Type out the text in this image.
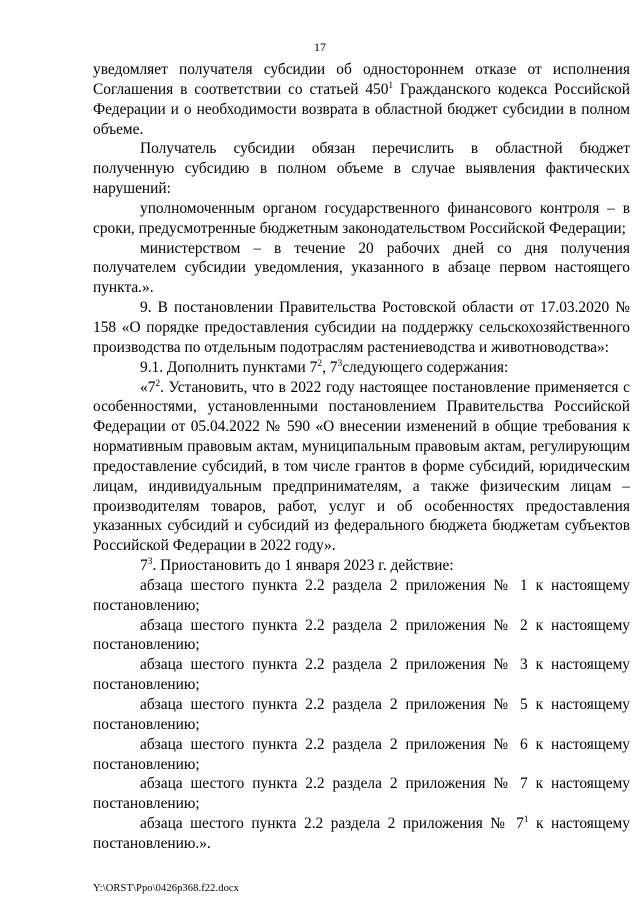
17

уведомляет получателя субсидии об одностороннем отказе от исполнения Соглашения в соответствии со статьей $450^1$ Гражданского кодекса Российской Федерации и о необходимости возврата в областной бюджет субсидии в полном объеме.

Получатель субсидии обязан перечислить в областной бюджет полученную субсидию в полном объеме в случае выявления фактических нарушений:

уполномоченным органом государственного финансового контроля – в сроки, предусмотренные бюджетным законодательством Российской Федерации;

министерством – в течение 20 рабочих дней со дня получения получателем субсидии уведомления, указанного в абзаце первом настоящего пункта.».

9. В постановлении Правительства Ростовской области от 17.03.2020 № 158 «О порядке предоставления субсидии на поддержку сельскохозяйственного производства по отдельным подотраслям растениеводства и животноводства»:

9.1. Дополнить пунктами $7^2$, $7^3следующего$ содержания:

«$7^2$. Установить, что в 2022 году настоящее постановление применяется с особенностями, установленными постановлением Правительства Российской Федерации от 05.04.2022 № 590 «О внесении изменений в общие требования к нормативным правовым актам, муниципальным правовым актам, регулирующим предоставление субсидий, в том числе грантов в форме субсидий, юридическим лицам, индивидуальным предпринимателям, а также физическим лицам – производителям товаров, работ, услуг и об особенностях предоставления указанных субсидий и субсидий из федерального бюджета бюджетам субъектов Российской Федерации в 2022 году».

$7^3$. Приостановить до 1 января 2023 г. действие:

абзаца шестого пункта 2.2 раздела 2 приложения № 1 к настоящему постановлению;

абзаца шестого пункта 2.2 раздела 2 приложения № 2 к настоящему постановлению;

абзаца шестого пункта 2.2 раздела 2 приложения № 3 к настоящему постановлению;

абзаца шестого пункта 2.2 раздела 2 приложения № 5 к настоящему постановлению;

абзаца шестого пункта 2.2 раздела 2 приложения № 6 к настоящему постановлению;

абзаца шестого пункта 2.2 раздела 2 приложения № 7 к настоящему постановлению;

абзаца шестого пункта 2.2 раздела 2 приложения № $7^1$ к настоящему постановлению.».

Y:\ORST\Ppo\0426p368.f22.docx
